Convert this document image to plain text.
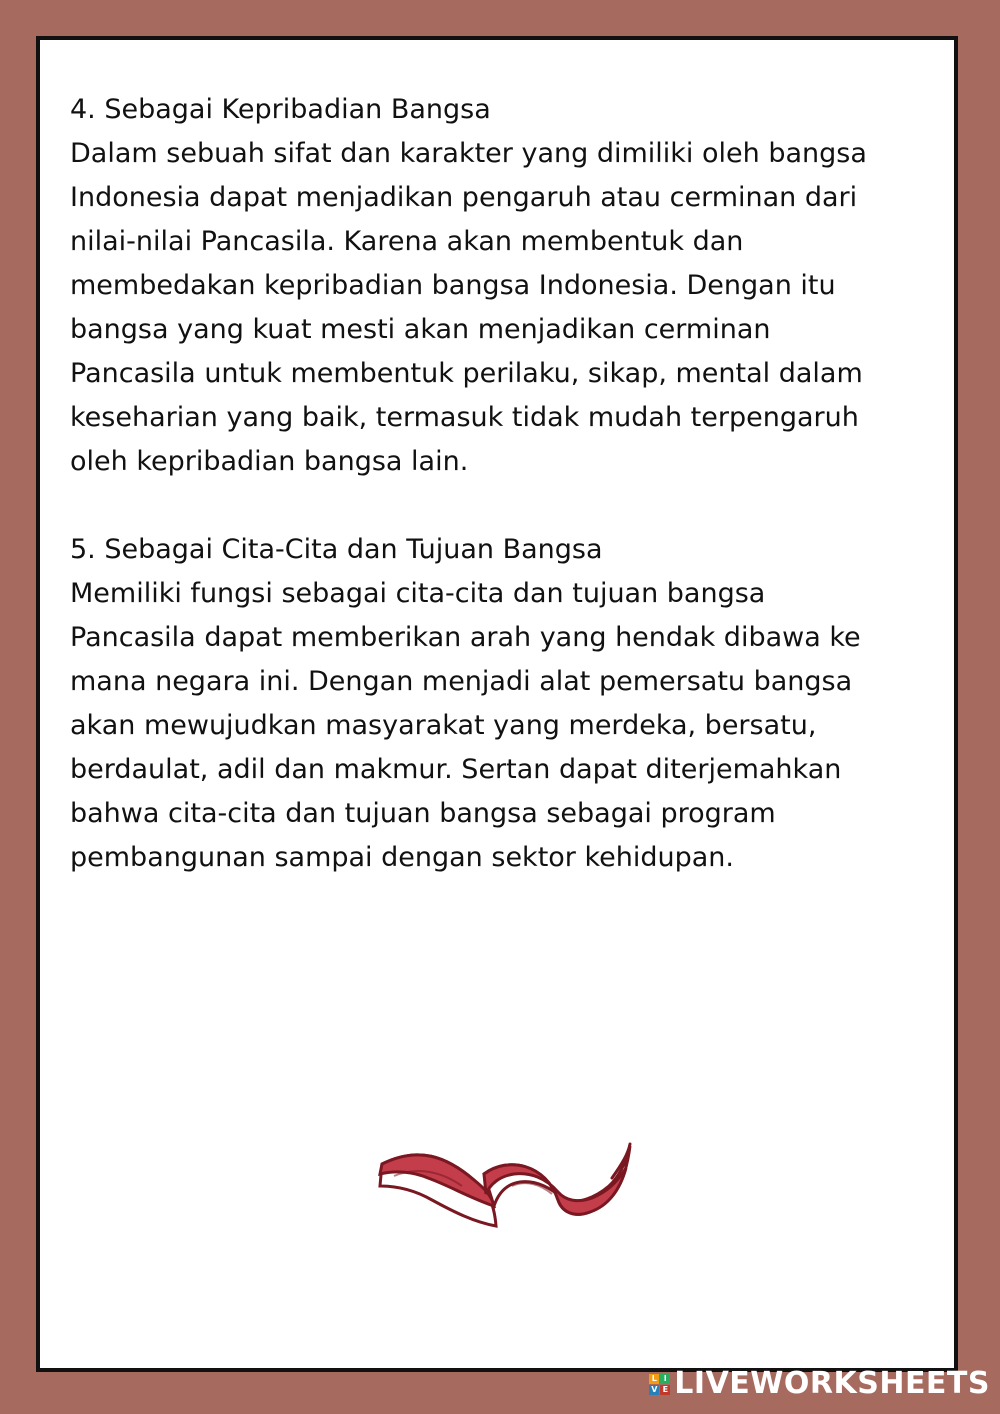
4. Sebagai Kepribadian Bangsa
Dalam sebuah sifat dan karakter yang dimiliki oleh bangsa
Indonesia dapat menjadikan pengaruh atau cerminan dari
nilai-nilai Pancasila. Karena akan membentuk dan
membedakan kepribadian bangsa Indonesia. Dengan itu
bangsa yang kuat mesti akan menjadikan cerminan
Pancasila untuk membentuk perilaku, sikap, mental dalam
keseharian yang baik, termasuk tidak mudah terpengaruh
oleh kepribadian bangsa lain.
5. Sebagai Cita-Cita dan Tujuan Bangsa
Memiliki fungsi sebagai cita-cita dan tujuan bangsa
Pancasila dapat memberikan arah yang hendak dibawa ke
mana negara ini. Dengan menjadi alat pemersatu bangsa
akan mewujudkan masyarakat yang merdeka, bersatu,
berdaulat, adil dan makmur. Sertan dapat diterjemahkan
bahwa cita-cita dan tujuan bangsa sebagai program
pembangunan sampai dengan sektor kehidupan.
L I
V E LIVEWORKSHEETS
